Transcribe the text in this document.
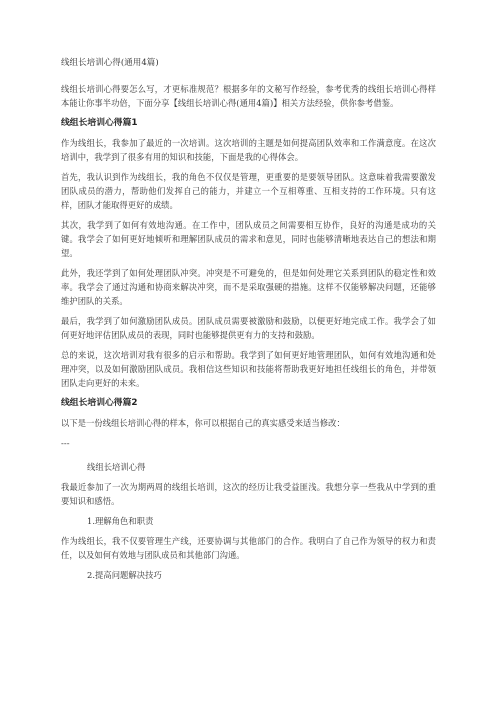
线组长培训心得(通用4篇)
线组长培训心得要怎么写，才更标准规范？根据多年的文秘写作经验，参考优秀的线组长培训心得样本能让你事半功倍，下面分享【线组长培训心得(通用4篇)】相关方法经验，供你参考借鉴。
线组长培训心得篇1
作为线组长，我参加了最近的一次培训。这次培训的主题是如何提高团队效率和工作满意度。在这次培训中，我学到了很多有用的知识和技能，下面是我的心得体会。
首先，我认识到作为线组长，我的角色不仅仅是管理，更重要的是要领导团队。这意味着我需要激发团队成员的潜力，帮助他们发挥自己的能力，并建立一个互相尊重、互相支持的工作环境。只有这样，团队才能取得更好的成绩。
其次，我学到了如何有效地沟通。在工作中，团队成员之间需要相互协作，良好的沟通是成功的关键。我学会了如何更好地倾听和理解团队成员的需求和意见，同时也能够清晰地表达自己的想法和期望。
此外，我还学到了如何处理团队冲突。冲突是不可避免的，但是如何处理它关系到团队的稳定性和效率。我学会了通过沟通和协商来解决冲突，而不是采取强硬的措施。这样不仅能够解决问题，还能够维护团队的关系。
最后，我学到了如何激励团队成员。团队成员需要被激励和鼓励，以便更好地完成工作。我学会了如何更好地评估团队成员的表现，同时也能够提供更有力的支持和鼓励。
总的来说，这次培训对我有很多的启示和帮助。我学到了如何更好地管理团队，如何有效地沟通和处理冲突，以及如何激励团队成员。我相信这些知识和技能将帮助我更好地担任线组长的角色，并带领团队走向更好的未来。
线组长培训心得篇2
以下是一份线组长培训心得的样本，你可以根据自己的真实感受来适当修改：
---
线组长培训心得
我最近参加了一次为期两周的线组长培训，这次的经历让我受益匪浅。我想分享一些我从中学到的重要知识和感悟。
1.理解角色和职责
作为线组长，我不仅要管理生产线，还要协调与其他部门的合作。我明白了自己作为领导的权力和责任，以及如何有效地与团队成员和其他部门沟通。
2.提高问题解决技巧
